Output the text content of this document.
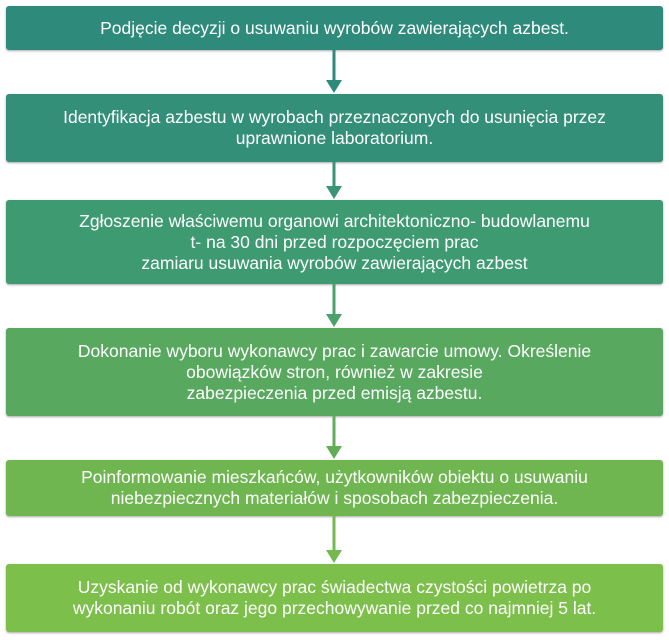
Podjęcie decyzji o usuwaniu wyrobów zawierających azbest.
Identyfikacja azbestu w wyrobach przeznaczonych do usunięcia przez
uprawnione laboratorium.
Zgłoszenie właściwemu organowi architektoniczno- budowlanemu
t- na 30 dni przed rozpoczęciem prac
zamiaru usuwania wyrobów zawierających azbest
Dokonanie wyboru wykonawcy prac i zawarcie umowy. Określenie
obowiązków stron, również w zakresie
zabezpieczenia przed emisją azbestu.
Poinformowanie mieszkańców, użytkowników obiektu o usuwaniu
niebezpiecznych materiałów i sposobach zabezpieczenia.
Uzyskanie od wykonawcy prac świadectwa czystości powietrza po
wykonaniu robót oraz jego przechowywanie przed co najmniej 5 lat.
